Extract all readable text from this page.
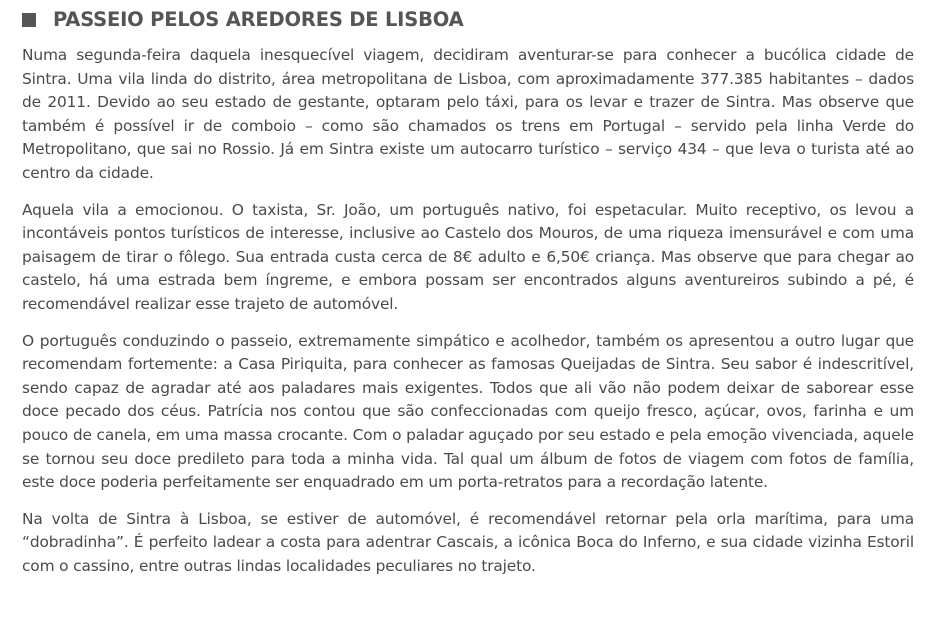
PASSEIO PELOS AREDORES DE LISBOA

Numa segunda-feira daquela inesquecível viagem, decidiram aventurar-se para conhecer a bucólica cidade de Sintra. Uma vila linda do distrito, área metropolitana de Lisboa, com aproximadamente 377.385 habitantes – dados de 2011. Devido ao seu estado de gestante, optaram pelo táxi, para os levar e trazer de Sintra. Mas observe que também é possível ir de comboio – como são chamados os trens em Portugal – servido pela linha Verde do Metropolitano, que sai no Rossio. Já em Sintra existe um autocarro turístico – serviço 434 – que leva o turista até ao centro da cidade.

Aquela vila a emocionou. O taxista, Sr. João, um português nativo, foi espetacular. Muito receptivo, os levou a incontáveis pontos turísticos de interesse, inclusive ao Castelo dos Mouros, de uma riqueza imensurável e com uma paisagem de tirar o fôlego. Sua entrada custa cerca de 8€ adulto e 6,50€ criança. Mas observe que para chegar ao castelo, há uma estrada bem íngreme, e embora possam ser encontrados alguns aventureiros subindo a pé, é recomendável realizar esse trajeto de automóvel.

O português conduzindo o passeio, extremamente simpático e acolhedor, também os apresentou a outro lugar que recomendam fortemente: a Casa Piriquita, para conhecer as famosas Queijadas de Sintra. Seu sabor é indescritível, sendo capaz de agradar até aos paladares mais exigentes. Todos que ali vão não podem deixar de saborear esse doce pecado dos céus. Patrícia nos contou que são confeccionadas com queijo fresco, açúcar, ovos, farinha e um pouco de canela, em uma massa crocante. Com o paladar aguçado por seu estado e pela emoção vivenciada, aquele se tornou seu doce predileto para toda a minha vida. Tal qual um álbum de fotos de viagem com fotos de família, este doce poderia perfeitamente ser enquadrado em um porta-retratos para a recordação latente.

Na volta de Sintra à Lisboa, se estiver de automóvel, é recomendável retornar pela orla marítima, para uma “dobradinha”. É perfeito ladear a costa para adentrar Cascais, a icônica Boca do Inferno, e sua cidade vizinha Estoril com o cassino, entre outras lindas localidades peculiares no trajeto.
